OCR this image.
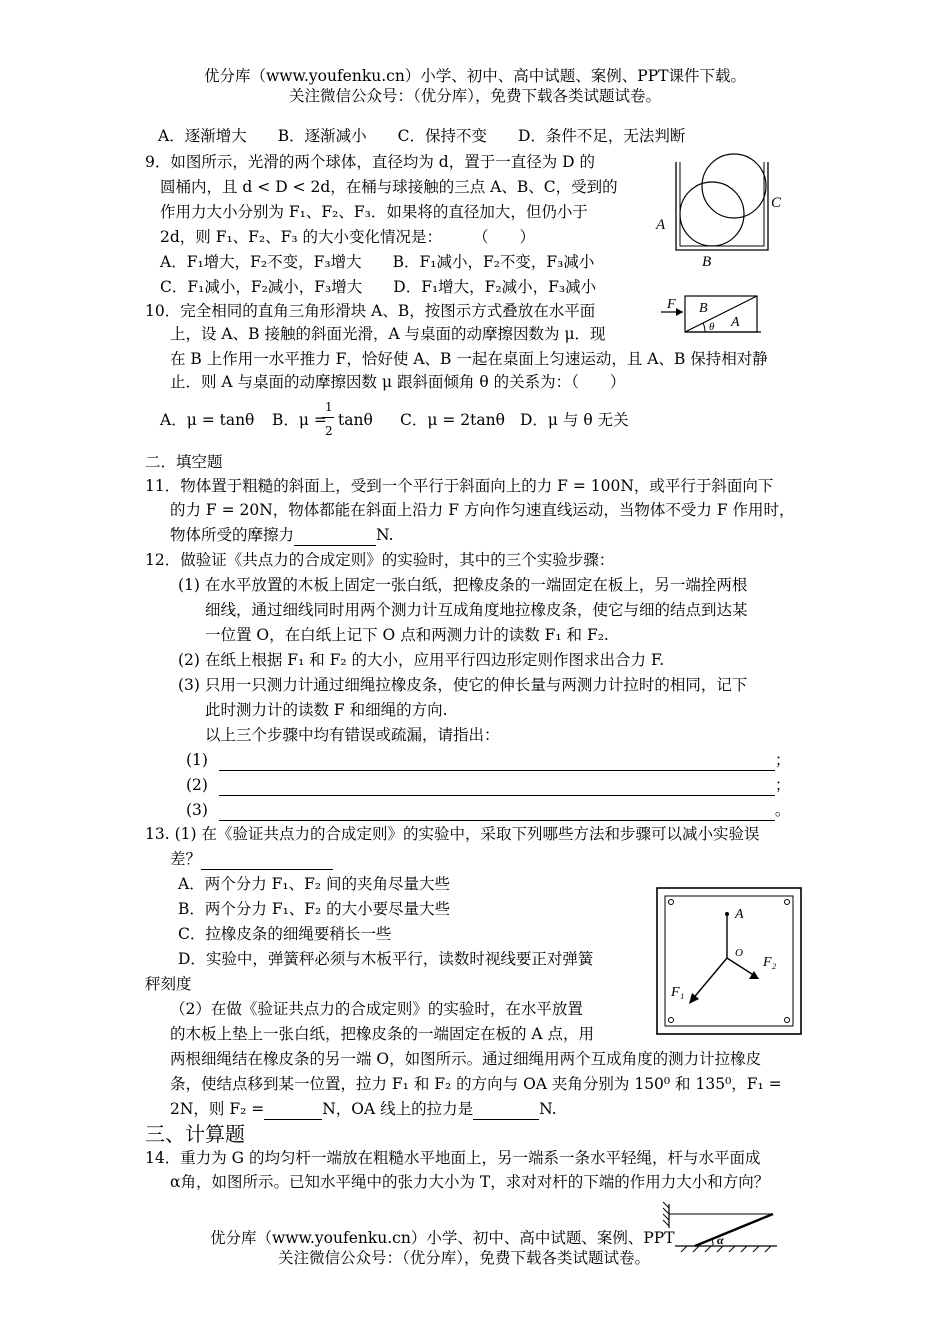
优分库（www.youfenku.cn）小学、初中、高中试题、案例、PPT课件下载。
关注微信公众号：（优分库），免费下载各类试题试卷。
A．逐渐增大　　B．逐渐减小　　C．保持不变　　D．条件不足，无法判断
9．如图所示，光滑的两个球体，直径均为 d，置于一直径为 D 的
圆桶内，且 d < D < 2d，在桶与球接触的三点 A、B、C，受到的
作用力大小分别为 F₁、F₂、F₃．如果将的直径加大，但仍小于
2d，则 F₁、F₂、F₃ 的大小变化情况是：　　　（　　）
A．F₁增大，F₂不变，F₃增大　　B．F₁减小，F₂不变，F₃减小
C．F₁减小，F₂减小，F₃增大　　D．F₁增大，F₂减小，F₃减小
A
B
C
10．完全相同的直角三角形滑块 A、B，按图示方式叠放在水平面
上，设 A、B 接触的斜面光滑，A 与桌面的动摩擦因数为 μ．现
在 B 上作用一水平推力 F，恰好使 A、B 一起在桌面上匀速运动，且 A、B 保持相对静
止．则 A 与桌面的动摩擦因数 μ 跟斜面倾角 θ 的关系为：（　　）
F B
A
θ
A．μ = tanθ B．μ =
1
2
tanθ C．μ = 2tanθ D．μ 与 θ 无关
二．填空题
11．物体置于粗糙的斜面上，受到一个平行于斜面向上的力 F = 100N，或平行于斜面向下
的力 F = 20N，物体都能在斜面上沿力 F 方向作匀速直线运动，当物体不受力 F 作用时，
物体所受的摩擦力	N.
12．做验证《共点力的合成定则》的实验时，其中的三个实验步骤：
(1) 在水平放置的木板上固定一张白纸，把橡皮条的一端固定在板上，另一端拴两根
细线，通过细线同时用两个测力计互成角度地拉橡皮条，使它与细的结点到达某
一位置 O，在白纸上记下 O 点和两测力计的读数 F₁ 和 F₂.
(2) 在纸上根据 F₁ 和 F₂ 的大小，应用平行四边形定则作图求出合力 F.
(3) 只用一只测力计通过细绳拉橡皮条，使它的伸长量与两测力计拉时的相同，记下
此时测力计的读数 F 和细绳的方向.
以上三个步骤中均有错误或疏漏，请指出：
(1)	；
(2)	；
(3)	。
13. (1) 在《验证共点力的合成定则》的实验中，采取下列哪些方法和步骤可以减小实验误
差？
A．两个分力 F₁、F₂ 间的夹角尽量大些
B．两个分力 F₁、F₂ 的大小要尽量大些
C．拉橡皮条的细绳要稍长一些
D．实验中，弹簧秤必须与木板平行，读数时视线要正对弹簧
秤刻度
（2）在做《验证共点力的合成定则》的实验时，在水平放置
的木板上垫上一张白纸，把橡皮条的一端固定在板的 A 点，用
两根细绳结在橡皮条的另一端 O，如图所示。通过细绳用两个互成角度的测力计拉橡皮
条，使结点移到某一位置，拉力 F₁ 和 F₂ 的方向与 OA 夹角分别为 150⁰ 和 135⁰，F₁ =
2N，则 F₂ =	N，OA 线上的拉力是	N.
A
O
F₂
F₁
三、计算题
14．重力为 G 的均匀杆一端放在粗糙水平地面上，另一端系一条水平轻绳，杆与水平面成
α角，如图所示。已知水平绳中的张力大小为 T，求对对杆的下端的作用力大小和方向？
α
优分库（www.youfenku.cn）小学、初中、高中试题、案例、PPT
关注微信公众号：（优分库），免费下载各类试题试卷。
